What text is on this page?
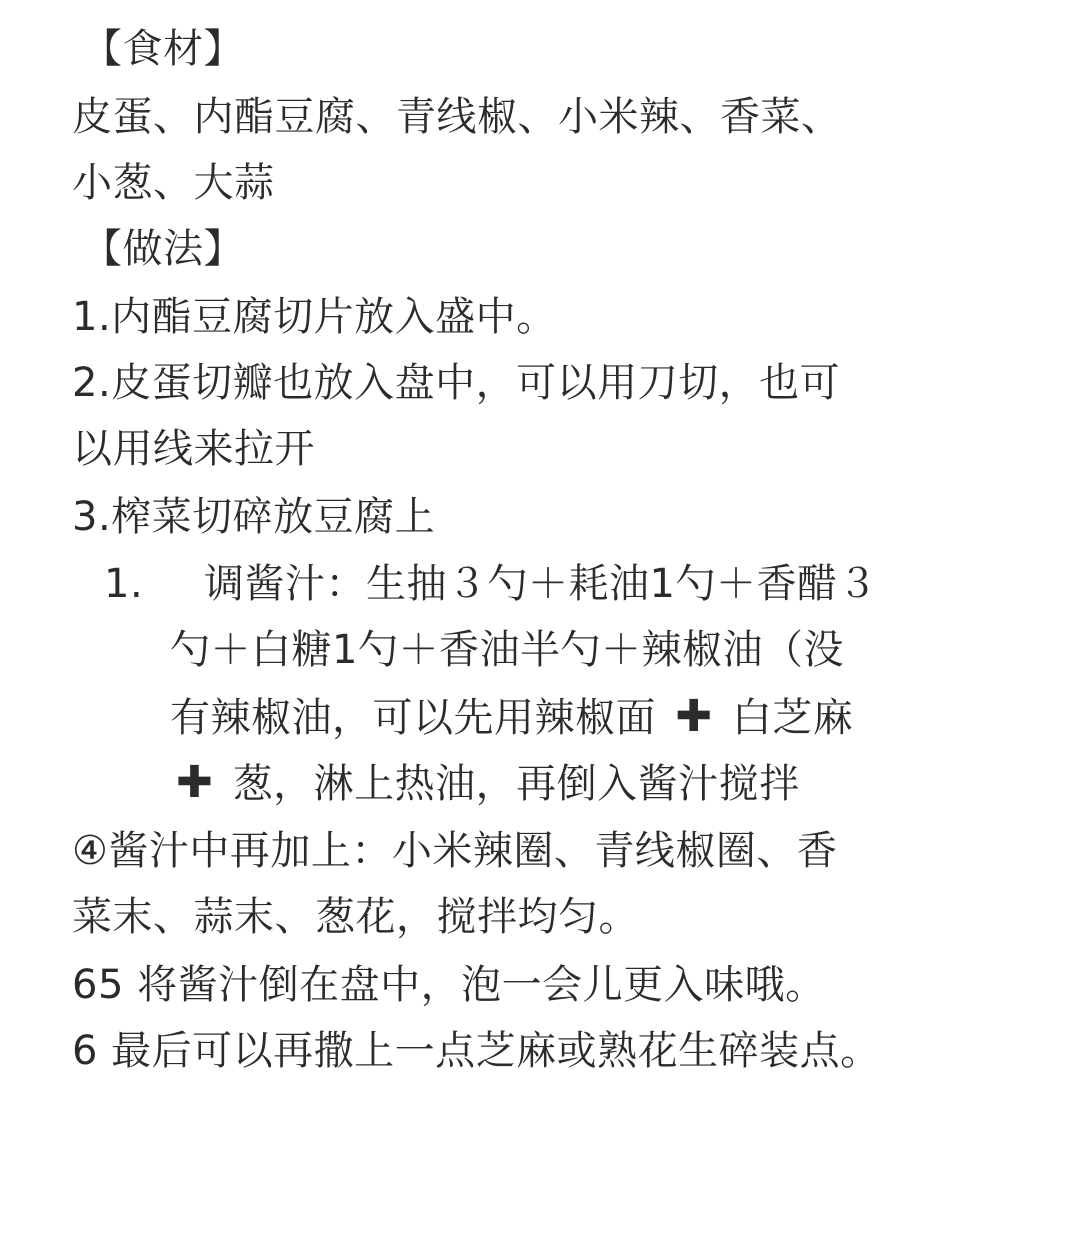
【食材】
皮蛋、内酯豆腐、青线椒、小米辣、香菜、
小葱、大蒜
【做法】
1.内酯豆腐切片放入盛中。
2.皮蛋切瓣也放入盘中，可以用刀切，也可
以用线来拉开
3.榨菜切碎放豆腐上
1. 调酱汁：生抽３勺＋耗油1勺＋香醋３
勺＋白糖1勺＋香油半勺＋辣椒油（没
有辣椒油，可以先用辣椒面 ✚ 白芝麻
✚ 葱，淋上热油，再倒入酱汁搅拌
④酱汁中再加上：小米辣圈、青线椒圈、香
菜末、蒜末、葱花，搅拌均匀。
65 将酱汁倒在盘中，泡一会儿更入味哦。
6 最后可以再撒上一点芝麻或熟花生碎装点。
